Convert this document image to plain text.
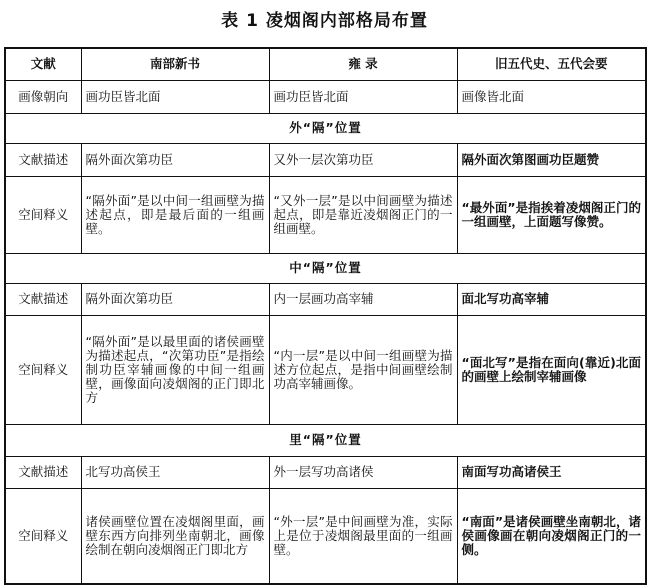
表 1 凌烟阁内部格局布置
文献	南部新书	雍 录	旧五代史、五代会要
画像朝向	画功臣皆北面	画功臣皆北面	画像皆北面
外“隔”位置			
文献描述	隔外面次第功臣	又外一层次第功臣	隔外面次第图画功臣题赞
空间释义	“隔外面”是以中间一组画壁为描述起点，即是最后面的一组画壁。	“又外一层”是以中间画壁为描述起点，即是靠近凌烟阁正门的一组画壁。	“最外面”是指挨着凌烟阁正门的一组画壁，上面题写像赞。
中“隔”位置			
文献描述	隔外面次第功臣	内一层画功高宰辅	面北写功高宰辅
空间释义	“隔外面”是以最里面的诸侯画壁为描述起点，“次第功臣”是指绘制功臣宰辅画像的中间一组画壁，画像面向凌烟阁的正门即北方	“内一层”是以中间一组画壁为描述方位起点，是指中间画壁绘制功高宰辅画像。	“面北写”是指在面向(靠近)北面的画壁上绘制宰辅画像
里“隔”位置			
文献描述	北写功高侯王	外一层写功高诸侯	南面写功高诸侯王
空间释义	诸侯画壁位置在凌烟阁里面，画壁东西方向排列坐南朝北，画像绘制在朝向凌烟阁正门即北方	“外一层”是中间画壁为准，实际上是位于凌烟阁最里面的一组画壁。	“南面”是诸侯画壁坐南朝北，诸侯画像画在朝向凌烟阁正门的一侧。
